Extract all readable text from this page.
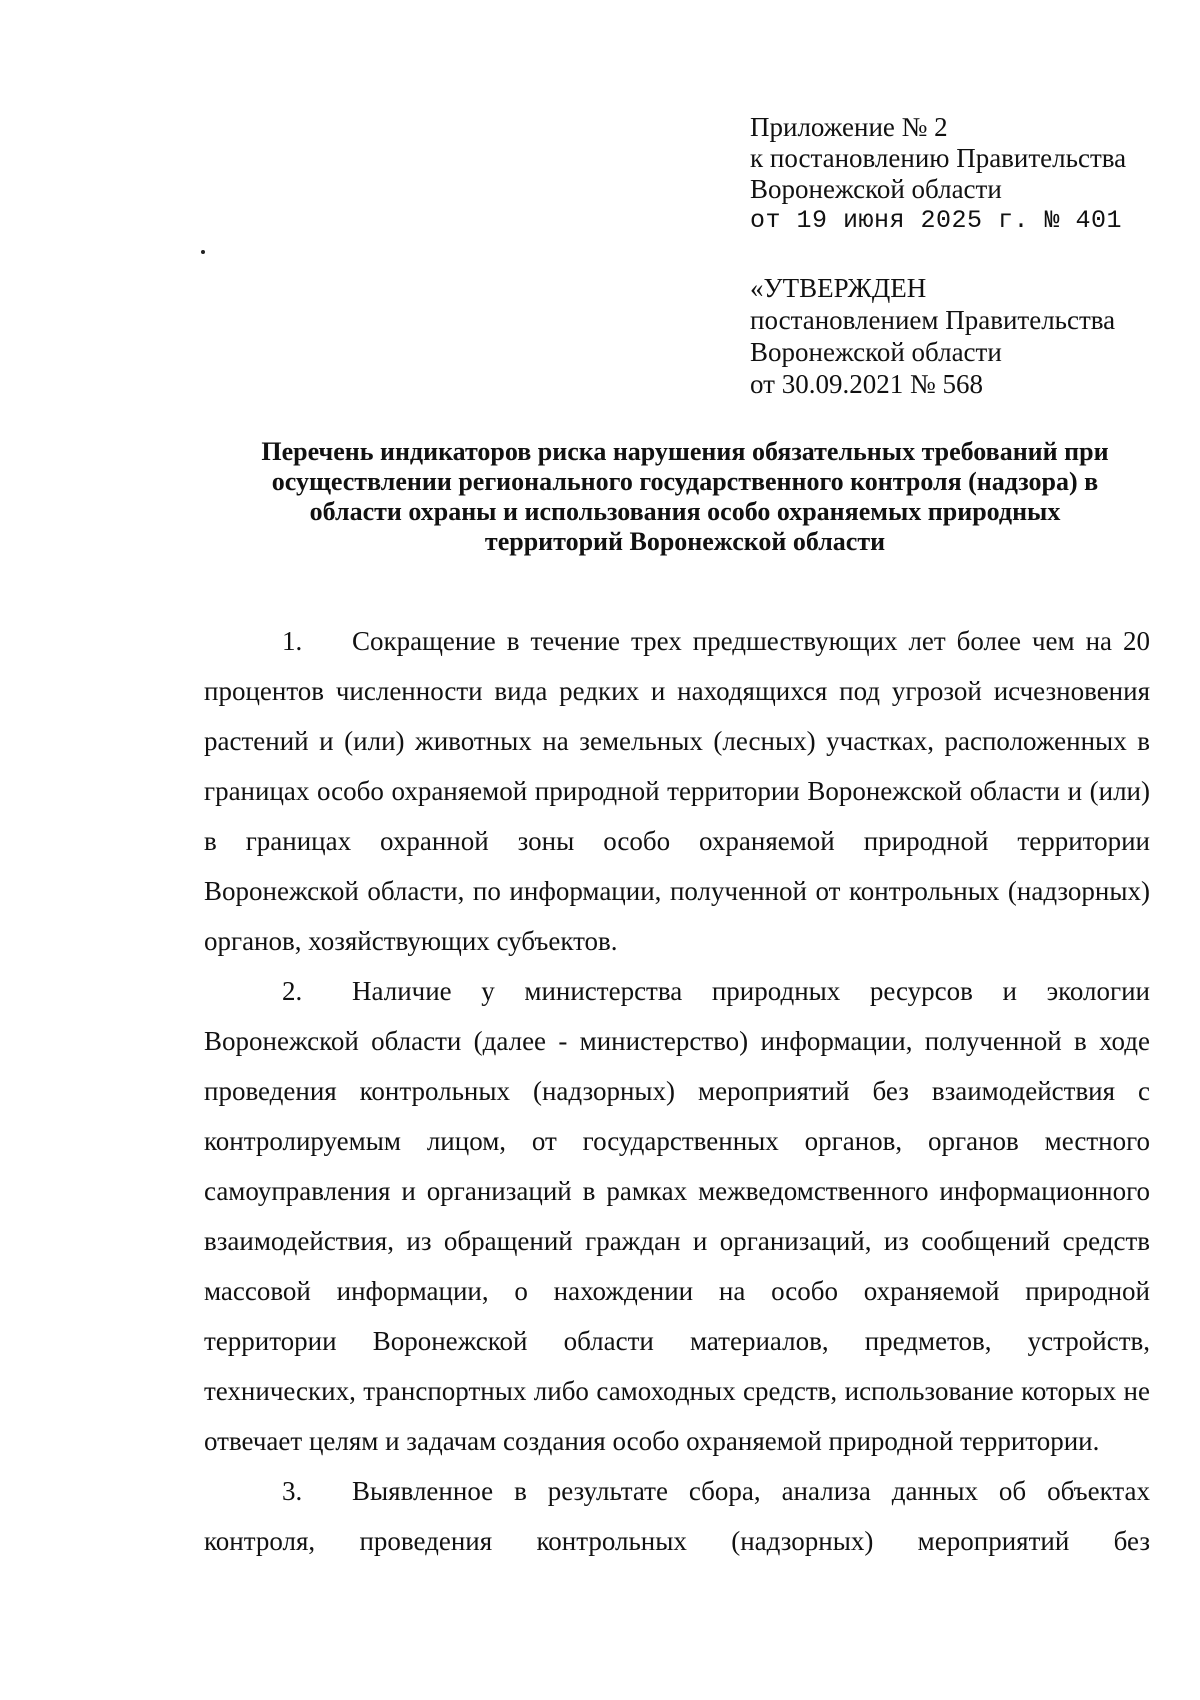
Приложение № 2
к постановлению Правительства
Воронежской области
от 19 июня 2025 г. № 401
«УТВЕРЖДЕН
постановлением Правительства
Воронежской области
от 30.09.2021 № 568
Перечень индикаторов риска нарушения обязательных требований при
осуществлении регионального государственного контроля (надзора) в
области охраны и использования особо охраняемых природных
территорий Воронежской области

1. Сокращение в течение трех предшествующих лет более чем на 20 процентов численности вида редких и находящихся под угрозой исчезновения растений и (или) животных на земельных (лесных) участках, расположенных в границах особо охраняемой природной территории Воронежской области и (или) в границах охранной зоны особо охраняемой природной территории Воронежской области, по информации, полученной от контрольных (надзорных) органов, хозяйствующих субъектов.

2. Наличие у министерства природных ресурсов и экологии Воронежской области (далее - министерство) информации, полученной в ходе проведения контрольных (надзорных) мероприятий без взаимодействия с контролируемым лицом, от государственных органов, органов местного самоуправления и организаций в рамках межведомственного информационного взаимодействия, из обращений граждан и организаций, из сообщений средств массовой информации, о нахождении на особо охраняемой природной территории Воронежской области материалов, предметов, устройств, технических, транспортных либо самоходных средств, использование которых не отвечает целям и задачам создания особо охраняемой природной территории.

3. Выявленное в результате сбора, анализа данных об объектах контроля, проведения контрольных (надзорных) мероприятий без
